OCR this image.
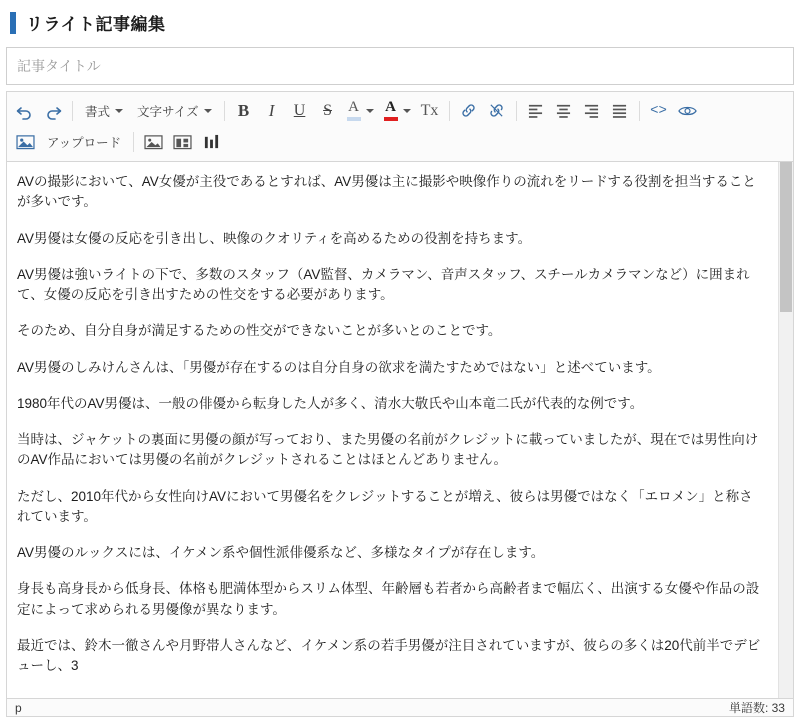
リライト記事編集
記事タイトル
書式 文字サイズ	B	I	U	S	A A Tx	<>
アップロード

AVの撮影において、AV女優が主役であるとすれば、AV男優は主に撮影や映像作りの流れをリードする役割を担当することが多いです。

AV男優は女優の反応を引き出し、映像のクオリティを高めるための役割を持ちます。

AV男優は強いライトの下で、多数のスタッフ（AV監督、カメラマン、音声スタッフ、スチールカメラマンなど）に囲まれて、女優の反応を引き出すための性交をする必要があります。

そのため、自分自身が満足するための性交ができないことが多いとのことです。

AV男優のしみけんさんは、「男優が存在するのは自分自身の欲求を満たすためではない」と述べています。

1980年代のAV男優は、一般の俳優から転身した人が多く、清水大敬氏や山本竜二氏が代表的な例です。

当時は、ジャケットの裏面に男優の顔が写っており、また男優の名前がクレジットに載っていましたが、現在では男性向けのAV作品においては男優の名前がクレジットされることはほとんどありません。

ただし、2010年代から女性向けAVにおいて男優名をクレジットすることが増え、彼らは男優ではなく「エロメン」と称されています。

AV男優のルックスには、イケメン系や個性派俳優系など、多様なタイプが存在します。

身長も高身長から低身長、体格も肥満体型からスリム体型、年齢層も若者から高齢者まで幅広く、出演する女優や作品の設定によって求められる男優像が異なります。

最近では、鈴木一徹さんや月野帯人さんなど、イケメン系の若手男優が注目されていますが、彼らの多くは20代前半でデビューし、3

p	単語数: 33
